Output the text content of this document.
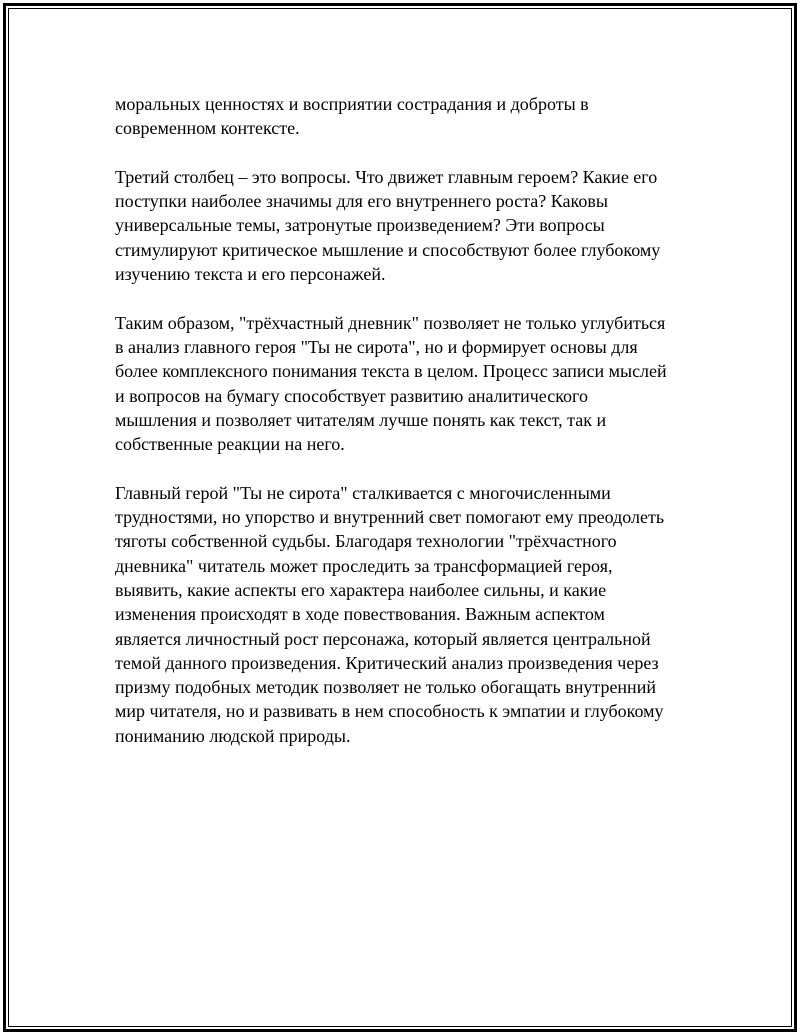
моральных ценностях и восприятии сострадания и доброты в
современном контексте.

Третий столбец – это вопросы. Что движет главным героем? Какие его
поступки наиболее значимы для его внутреннего роста? Каковы
универсальные темы, затронутые произведением? Эти вопросы
стимулируют критическое мышление и способствуют более глубокому
изучению текста и его персонажей.

Таким образом, "трёхчастный дневник" позволяет не только углубиться
в анализ главного героя "Ты не сирота", но и формирует основы для
более комплексного понимания текста в целом. Процесс записи мыслей
и вопросов на бумагу способствует развитию аналитического
мышления и позволяет читателям лучше понять как текст, так и
собственные реакции на него.

Главный герой "Ты не сирота" сталкивается с многочисленными
трудностями, но упорство и внутренний свет помогают ему преодолеть
тяготы собственной судьбы. Благодаря технологии "трёхчастного
дневника" читатель может проследить за трансформацией героя,
выявить, какие аспекты его характера наиболее сильны, и какие
изменения происходят в ходе повествования. Важным аспектом
является личностный рост персонажа, который является центральной
темой данного произведения. Критический анализ произведения через
призму подобных методик позволяет не только обогащать внутренний
мир читателя, но и развивать в нем способность к эмпатии и глубокому
пониманию людской природы.
